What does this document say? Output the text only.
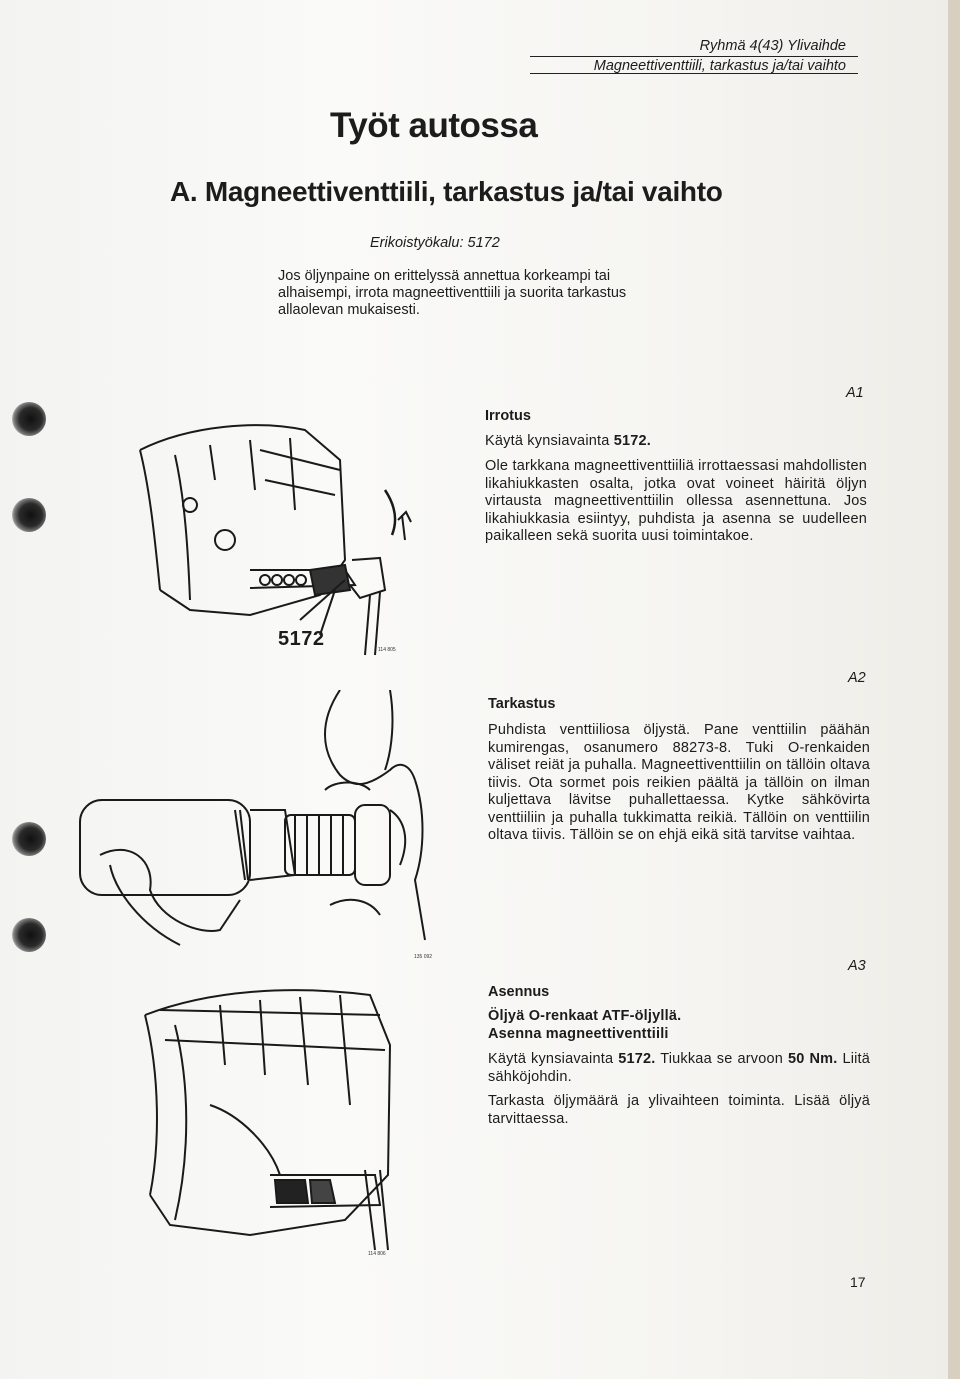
Ryhmä 4(43) Ylivaihde
Magneettiventtiili, tarkastus ja/tai vaihto
Työt autossa
A. Magneettiventtiili, tarkastus ja/tai vaihto
Erikoistyökalu: 5172

Jos öljynpaine on erittelyssä annettua korkeampi tai alhaisempi, irrota magneettiventtiili ja suorita tarkastus allaolevan mukaisesti.

5172	114 805
135 092
114 806
A1
Irrotus
Käytä kynsiavainta 5172.

Ole tarkkana magneettiventtiiliä irrottaessasi mahdollisten likahiukkasten osalta, jotka ovat voineet häiritä öljyn virtausta magneettiventtiilin ollessa asennettuna. Jos likahiukkasia esiintyy, puhdista ja asenna se uudelleen paikalleen sekä suorita uusi toimintakoe.

A2
Tarkastus

Puhdista venttiiliosa öljystä. Pane venttiilin päähän kumirengas, osanumero 88273-8. Tuki O-renkaiden väliset reiät ja puhalla. Magneettiventtiilin on tällöin oltava tiivis. Ota sormet pois reikien päältä ja tällöin on ilman kuljettava lävitse puhallettaessa. Kytke sähkövirta venttiiliin ja puhalla tukkimatta reikiä. Tällöin on venttiilin oltava tiivis. Tällöin se on ehjä eikä sitä tarvitse vaihtaa.

A3
Asennus
Öljyä O-renkaat ATF-öljyllä.
Asenna magneettiventtiili
Käytä kynsiavainta 5172. Tiukkaa se arvoon 50 Nm. Liitä sähköjohdin.

Tarkasta öljymäärä ja ylivaihteen toiminta. Lisää öljyä tarvittaessa.

17
